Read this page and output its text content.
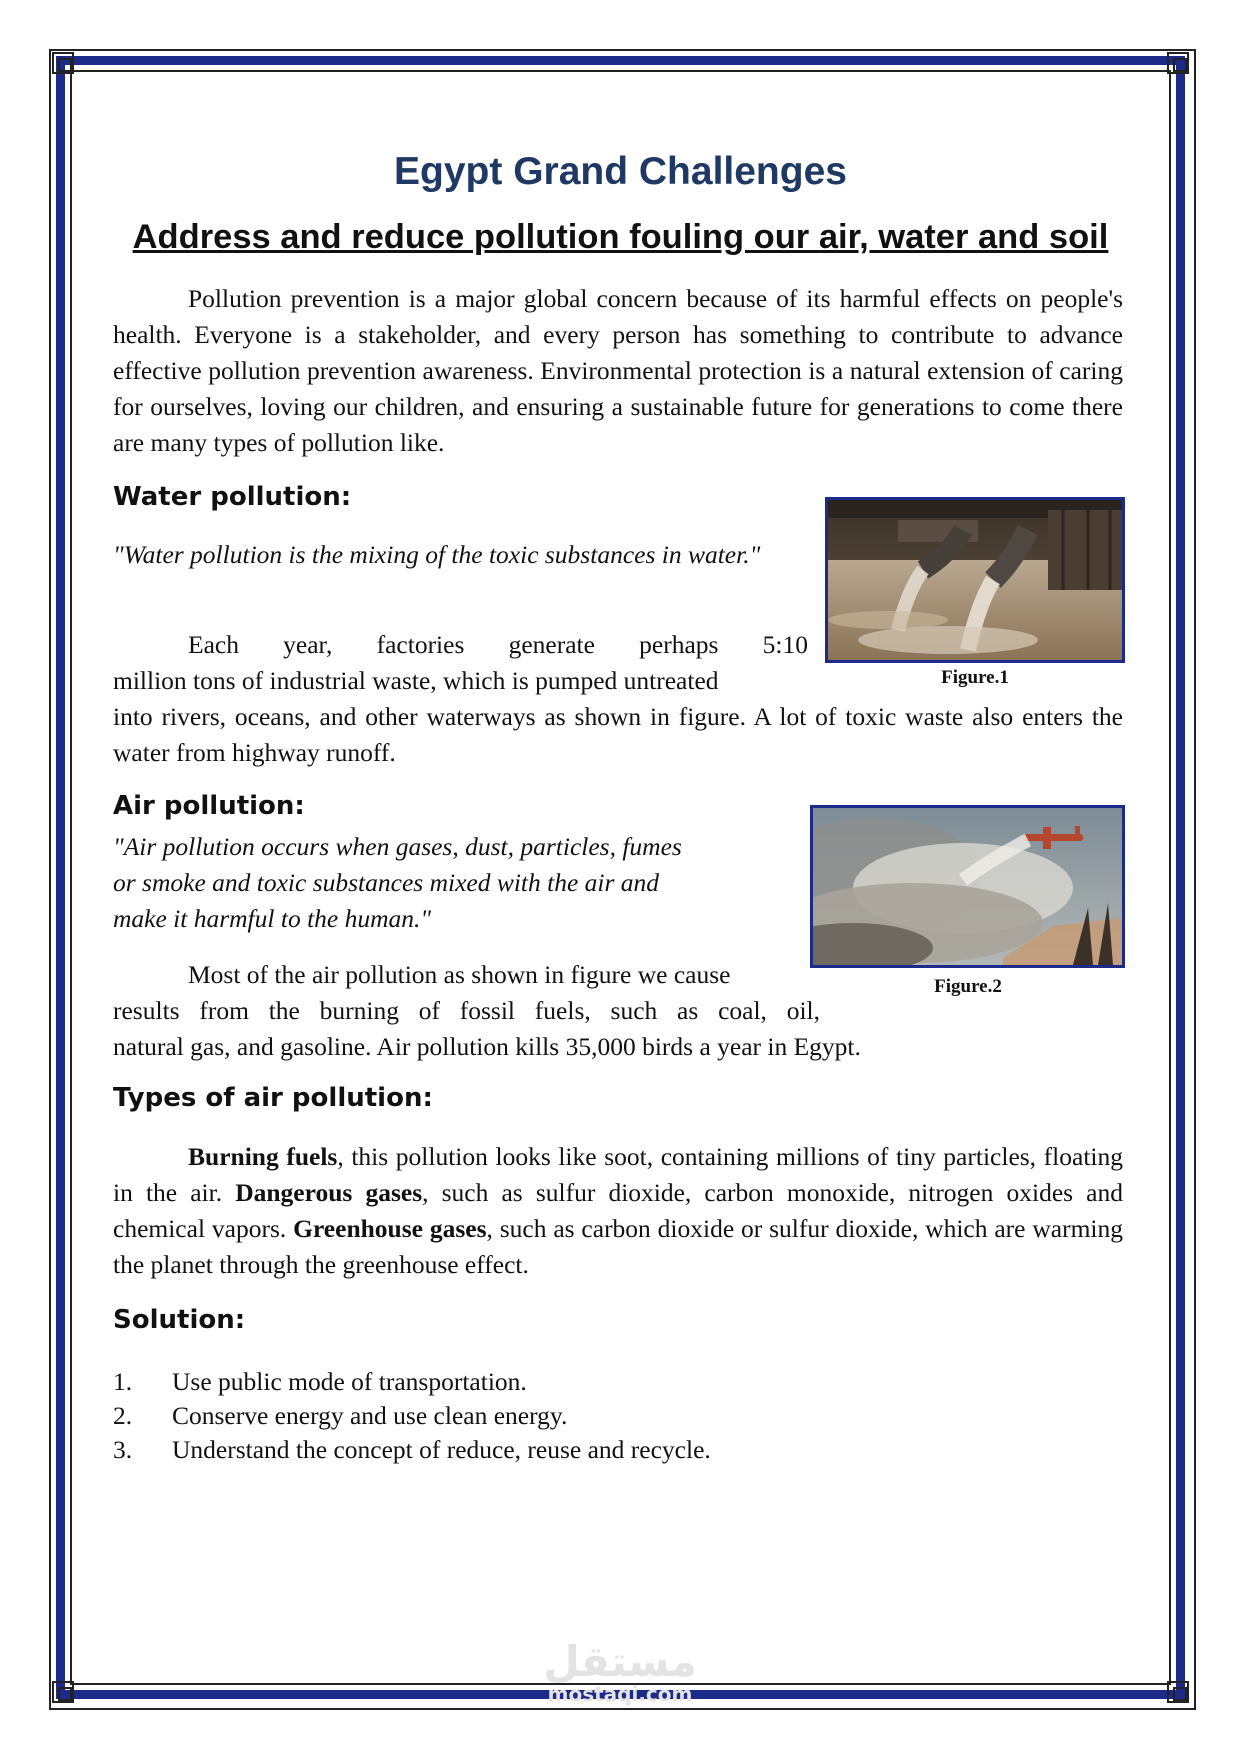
Egypt Grand Challenges
Address and reduce pollution fouling our air, water and soil
Pollution prevention is a major global concern because of its harmful effects on people's health. Everyone is a stakeholder, and every person has something to contribute to advance effective pollution prevention awareness. Environmental protection is a natural extension of caring for ourselves, loving our children, and ensuring a sustainable future for generations to come there are many types of pollution like.
Water pollution:
"Water pollution is the mixing of the toxic substances in water."
Each year, factories generate perhaps 5:10
million tons of industrial waste, which is pumped untreated
into rivers, oceans, and other waterways as shown in figure. A lot of toxic waste also enters the water from highway runoff.
Figure.1
Air pollution:
"Air pollution occurs when gases, dust, particles, fumes
or smoke and toxic substances mixed with the air and
make it harmful to the human."
Most of the air pollution as shown in figure we cause
results from the burning of fossil fuels, such as coal, oil,
natural gas, and gasoline. Air pollution kills 35,000 birds a year in Egypt.
Figure.2
Types of air pollution:
Burning fuels, this pollution looks like soot, containing millions of tiny particles, floating in the air. Dangerous gases, such as sulfur dioxide, carbon monoxide, nitrogen oxides and chemical vapors. Greenhouse gases, such as carbon dioxide or sulfur dioxide, which are warming the planet through the greenhouse effect.
Solution:
1. Use public mode of transportation.
2. Conserve energy and use clean energy.
3. Understand the concept of reduce, reuse and recycle.
مستقل
mostaqi.com
